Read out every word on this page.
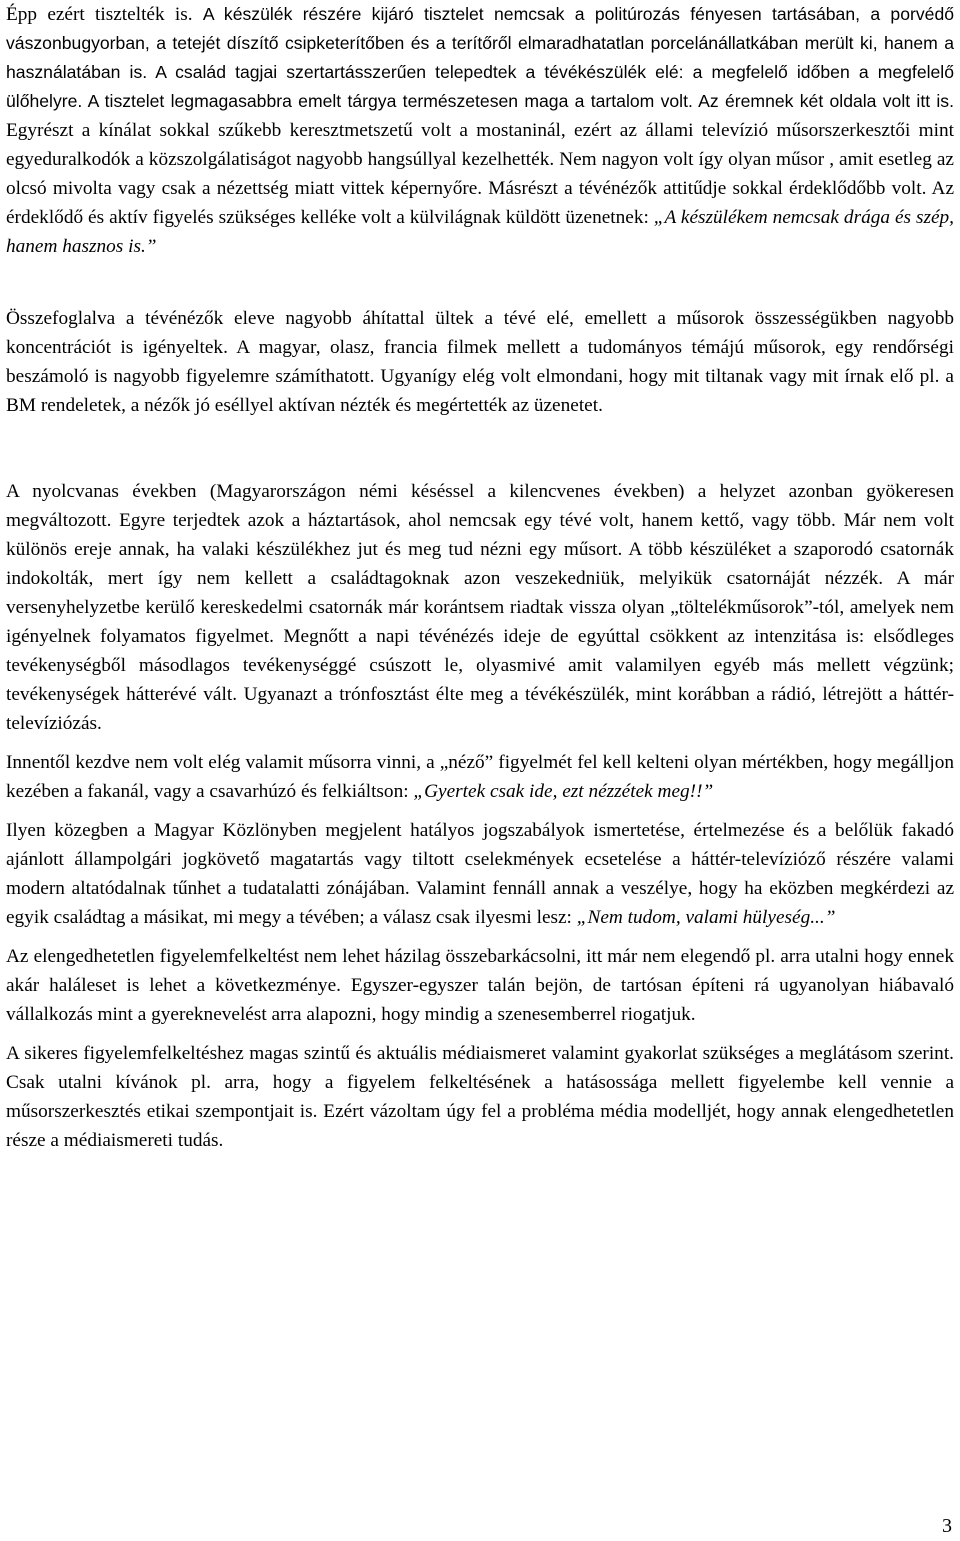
Épp ezért tisztelték is. A készülék részére kijáró tisztelet nemcsak a politúrozás fényesen tartásában, a porvédő vászonbugyorban, a tetejét díszítő csipketerítőben és a terítőről elmaradhatatlan porcelánállatkában merült ki, hanem a használatában is. A család tagjai szertartásszerűen telepedtek a tévékészülék elé: a megfelelő időben a megfelelő ülőhelyre. A tisztelet legmagasabbra emelt tárgya természetesen maga a tartalom volt. Az éremnek két oldala volt itt is. Egyrészt a kínálat sokkal szűkebb keresztmetszetű volt a mostaninál, ezért az állami televízió műsorszerkesztői mint egyeduralkodók a közszolgálatiságot nagyobb hangsúllyal kezelhették. Nem nagyon volt így olyan műsor , amit esetleg az olcsó mivolta vagy csak a nézettség miatt vittek képernyőre. Másrészt a tévénézők attitűdje sokkal érdeklődőbb volt. Az érdeklődő és aktív figyelés szükséges kelléke volt a külvilágnak küldött üzenetnek: „A készülékem nemcsak drága és szép, hanem hasznos is.”

Összefoglalva a tévénézők eleve nagyobb áhítattal ültek a tévé elé, emellett a műsorok összességükben nagyobb koncentrációt is igényeltek. A magyar, olasz, francia filmek mellett a tudományos témájú műsorok, egy rendőrségi beszámoló is nagyobb figyelemre számíthatott. Ugyanígy elég volt elmondani, hogy mit tiltanak vagy mit írnak elő pl. a BM rendeletek, a nézők jó eséllyel aktívan nézték és megértették az üzenetet.

A nyolcvanas években (Magyarországon némi késéssel a kilencvenes években) a helyzet azonban gyökeresen megváltozott. Egyre terjedtek azok a háztartások, ahol nemcsak egy tévé volt, hanem kettő, vagy több. Már nem volt különös ereje annak, ha valaki készülékhez jut és meg tud nézni egy műsort. A több készüléket a szaporodó csatornák indokolták, mert így nem kellett a családtagoknak azon veszekedniük, melyikük csatornáját nézzék. A már versenyhelyzetbe kerülő kereskedelmi csatornák már korántsem riadtak vissza olyan „töltelékműsorok”-tól, amelyek nem igényelnek folyamatos figyelmet. Megnőtt a napi tévénézés ideje de egyúttal csökkent az intenzitása is: elsődleges tevékenységből másodlagos tevékenységgé csúszott le, olyasmivé amit valamilyen egyéb más mellett végzünk; tevékenységek hátterévé vált. Ugyanazt a trónfosztást élte meg a tévékészülék, mint korábban a rádió, létrejött a háttér-televíziózás.

Innentől kezdve nem volt elég valamit műsorra vinni, a „néző” figyelmét fel kell kelteni olyan mértékben, hogy megálljon kezében a fakanál, vagy a csavarhúzó és felkiáltson: „Gyertek csak ide, ezt nézzétek meg!!”

Ilyen közegben a Magyar Közlönyben megjelent hatályos jogszabályok ismertetése, értelmezése és a belőlük fakadó ajánlott állampolgári jogkövető magatartás vagy tiltott cselekmények ecsetelése a háttér-televízióző részére valami modern altatódalnak tűnhet a tudatalatti zónájában. Valamint fennáll annak a veszélye, hogy ha eközben megkérdezi az egyik családtag a másikat, mi megy a tévében; a válasz csak ilyesmi lesz: „Nem tudom, valami hülyeség...”

Az elengedhetetlen figyelemfelkeltést nem lehet házilag összebarkácsolni, itt már nem elegendő pl. arra utalni hogy ennek akár haláleset is lehet a következménye. Egyszer-egyszer talán bejön, de tartósan építeni rá ugyanolyan hiábavaló vállalkozás mint a gyereknevelést arra alapozni, hogy mindig a szenesemberrel riogatjuk.

A sikeres figyelemfelkeltéshez magas szintű és aktuális médiaismeret valamint gyakorlat szükséges a meglátásom szerint. Csak utalni kívánok pl. arra, hogy a figyelem felkeltésének a hatásossága mellett figyelembe kell vennie a műsorszerkesztés etikai szempontjait is. Ezért vázoltam úgy fel a probléma média modelljét, hogy annak elengedhetetlen része a médiaismereti tudás.

3
